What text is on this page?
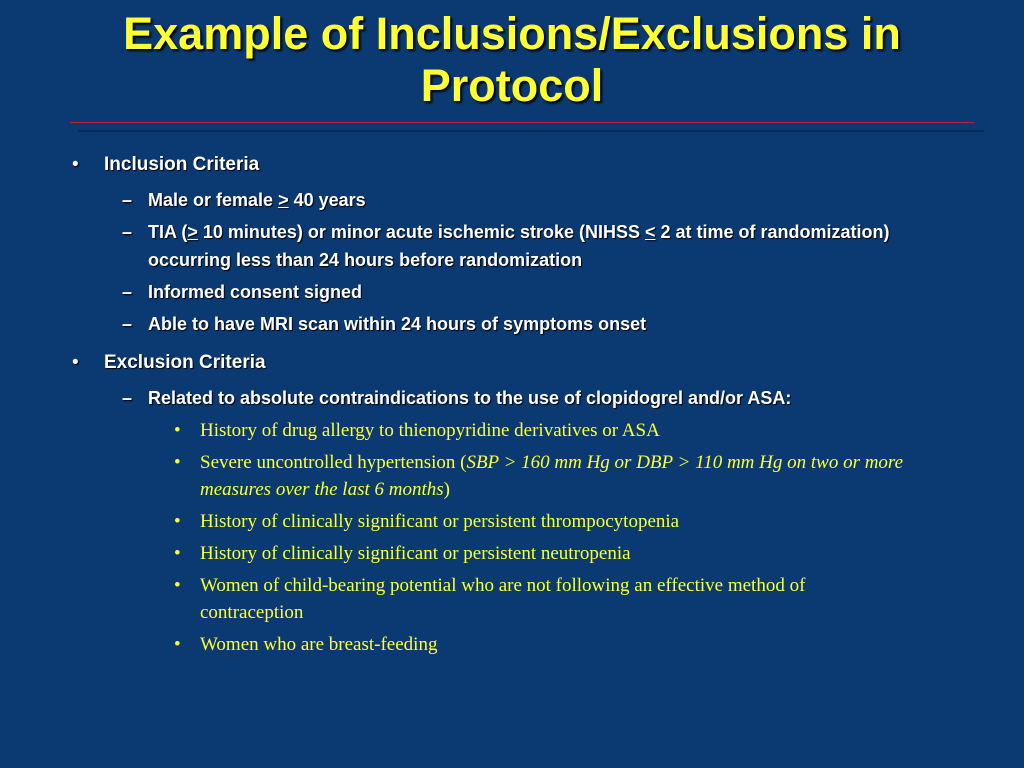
Example of Inclusions/Exclusions in
Protocol
• Inclusion Criteria
– Male or female ≥ 40 years
– TIA (≥ 10 minutes) or minor acute ischemic stroke (NIHSS ≤ 2 at time of randomization) occurring less than 24 hours before randomization
– Informed consent signed
– Able to have MRI scan within 24 hours of symptoms onset
• Exclusion Criteria
– Related to absolute contraindications to the use of clopidogrel and/or ASA:
• History of drug allergy to thienopyridine derivatives or ASA
• Severe uncontrolled hypertension (SBP > 160 mm Hg or DBP > 110 mm Hg on two or more measures over the last 6 months)
• History of clinically significant or persistent thrompocytopenia
• History of clinically significant or persistent neutropenia
• Women of child-bearing potential who are not following an effective method of contraception
• Women who are breast-feeding
